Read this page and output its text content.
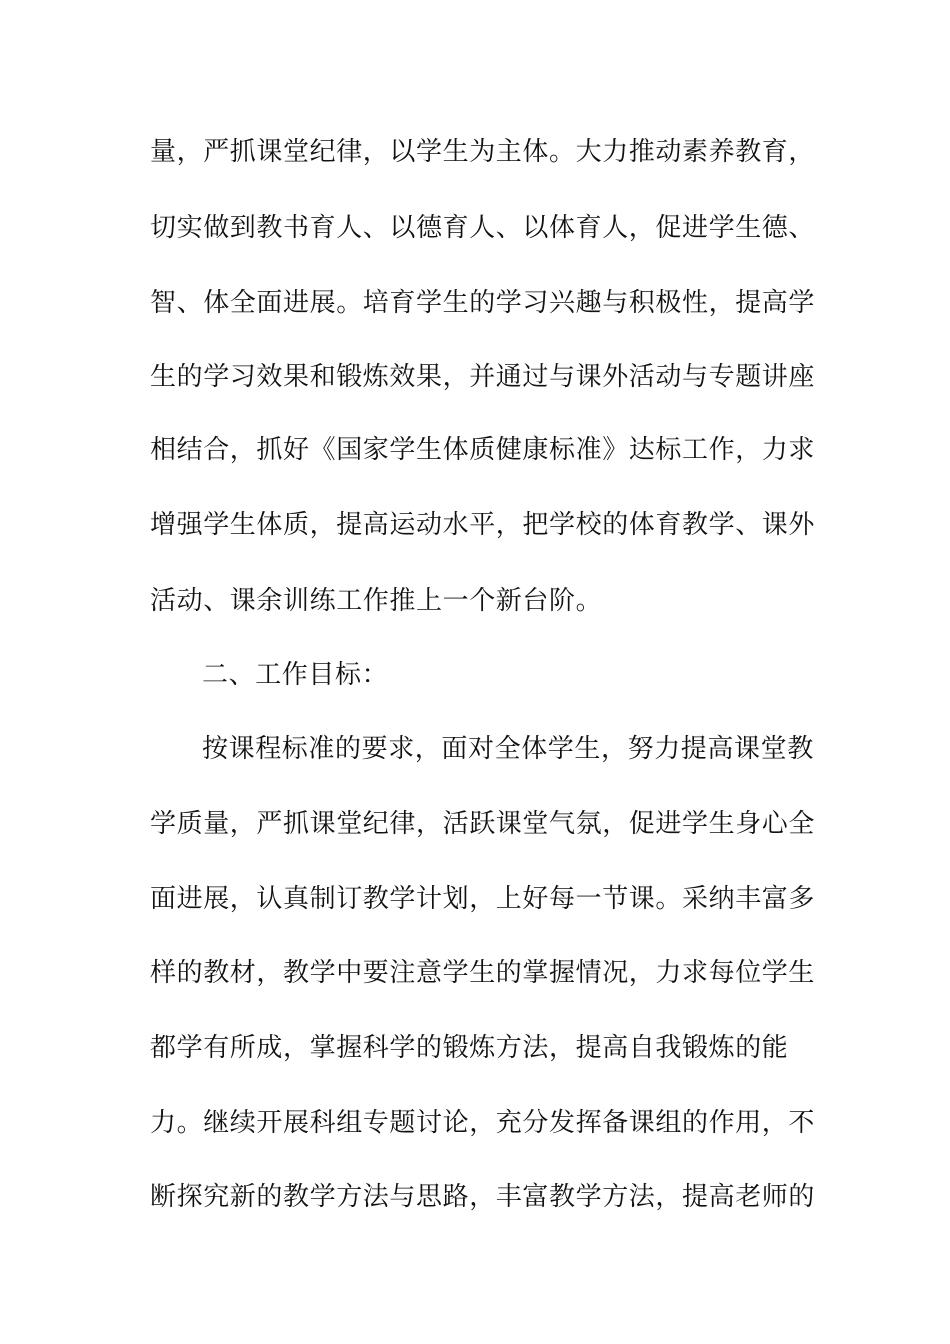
量，严抓课堂纪律，以学生为主体。大力推动素养教育，
切实做到教书育人、以德育人、以体育人，促进学生德、
智、体全面进展。培育学生的学习兴趣与积极性，提高学
生的学习效果和锻炼效果，并通过与课外活动与专题讲座
相结合，抓好《国家学生体质健康标准》达标工作，力求
增强学生体质，提高运动水平，把学校的体育教学、课外
活动、课余训练工作推上一个新台阶。
二、工作目标：
按课程标准的要求，面对全体学生，努力提高课堂教
学质量，严抓课堂纪律，活跃课堂气氛，促进学生身心全
面进展，认真制订教学计划，上好每一节课。采纳丰富多
样的教材，教学中要注意学生的掌握情况，力求每位学生
都学有所成，掌握科学的锻炼方法，提高自我锻炼的能
力。继续开展科组专题讨论，充分发挥备课组的作用，不
断探究新的教学方法与思路，丰富教学方法，提高老师的
